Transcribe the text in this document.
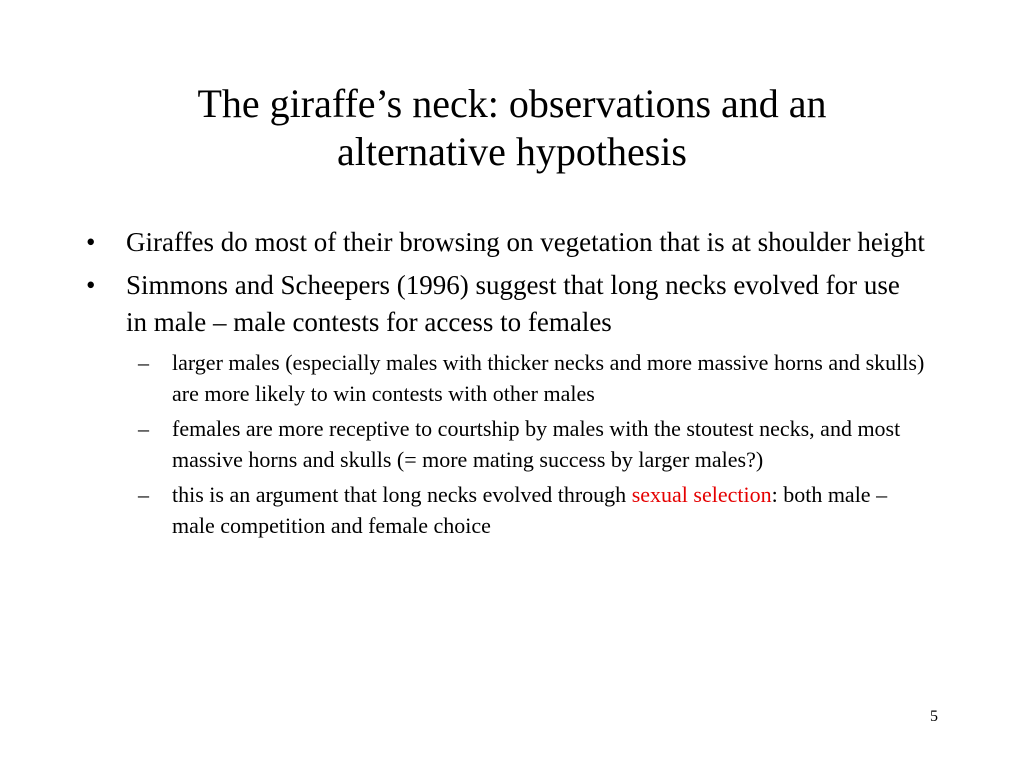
The giraffe’s neck: observations and an
alternative hypothesis
• Giraffes do most of their browsing on vegetation that is at shoulder height
• Simmons and Scheepers (1996) suggest that long necks evolved for use in male – male contests for access to females
– larger males (especially males with thicker necks and more massive horns and skulls) are more likely to win contests with other males
– females are more receptive to courtship by males with the stoutest necks, and most massive horns and skulls (= more mating success by larger males?)
– this is an argument that long necks evolved through sexual selection: both male – male competition and female choice
5
